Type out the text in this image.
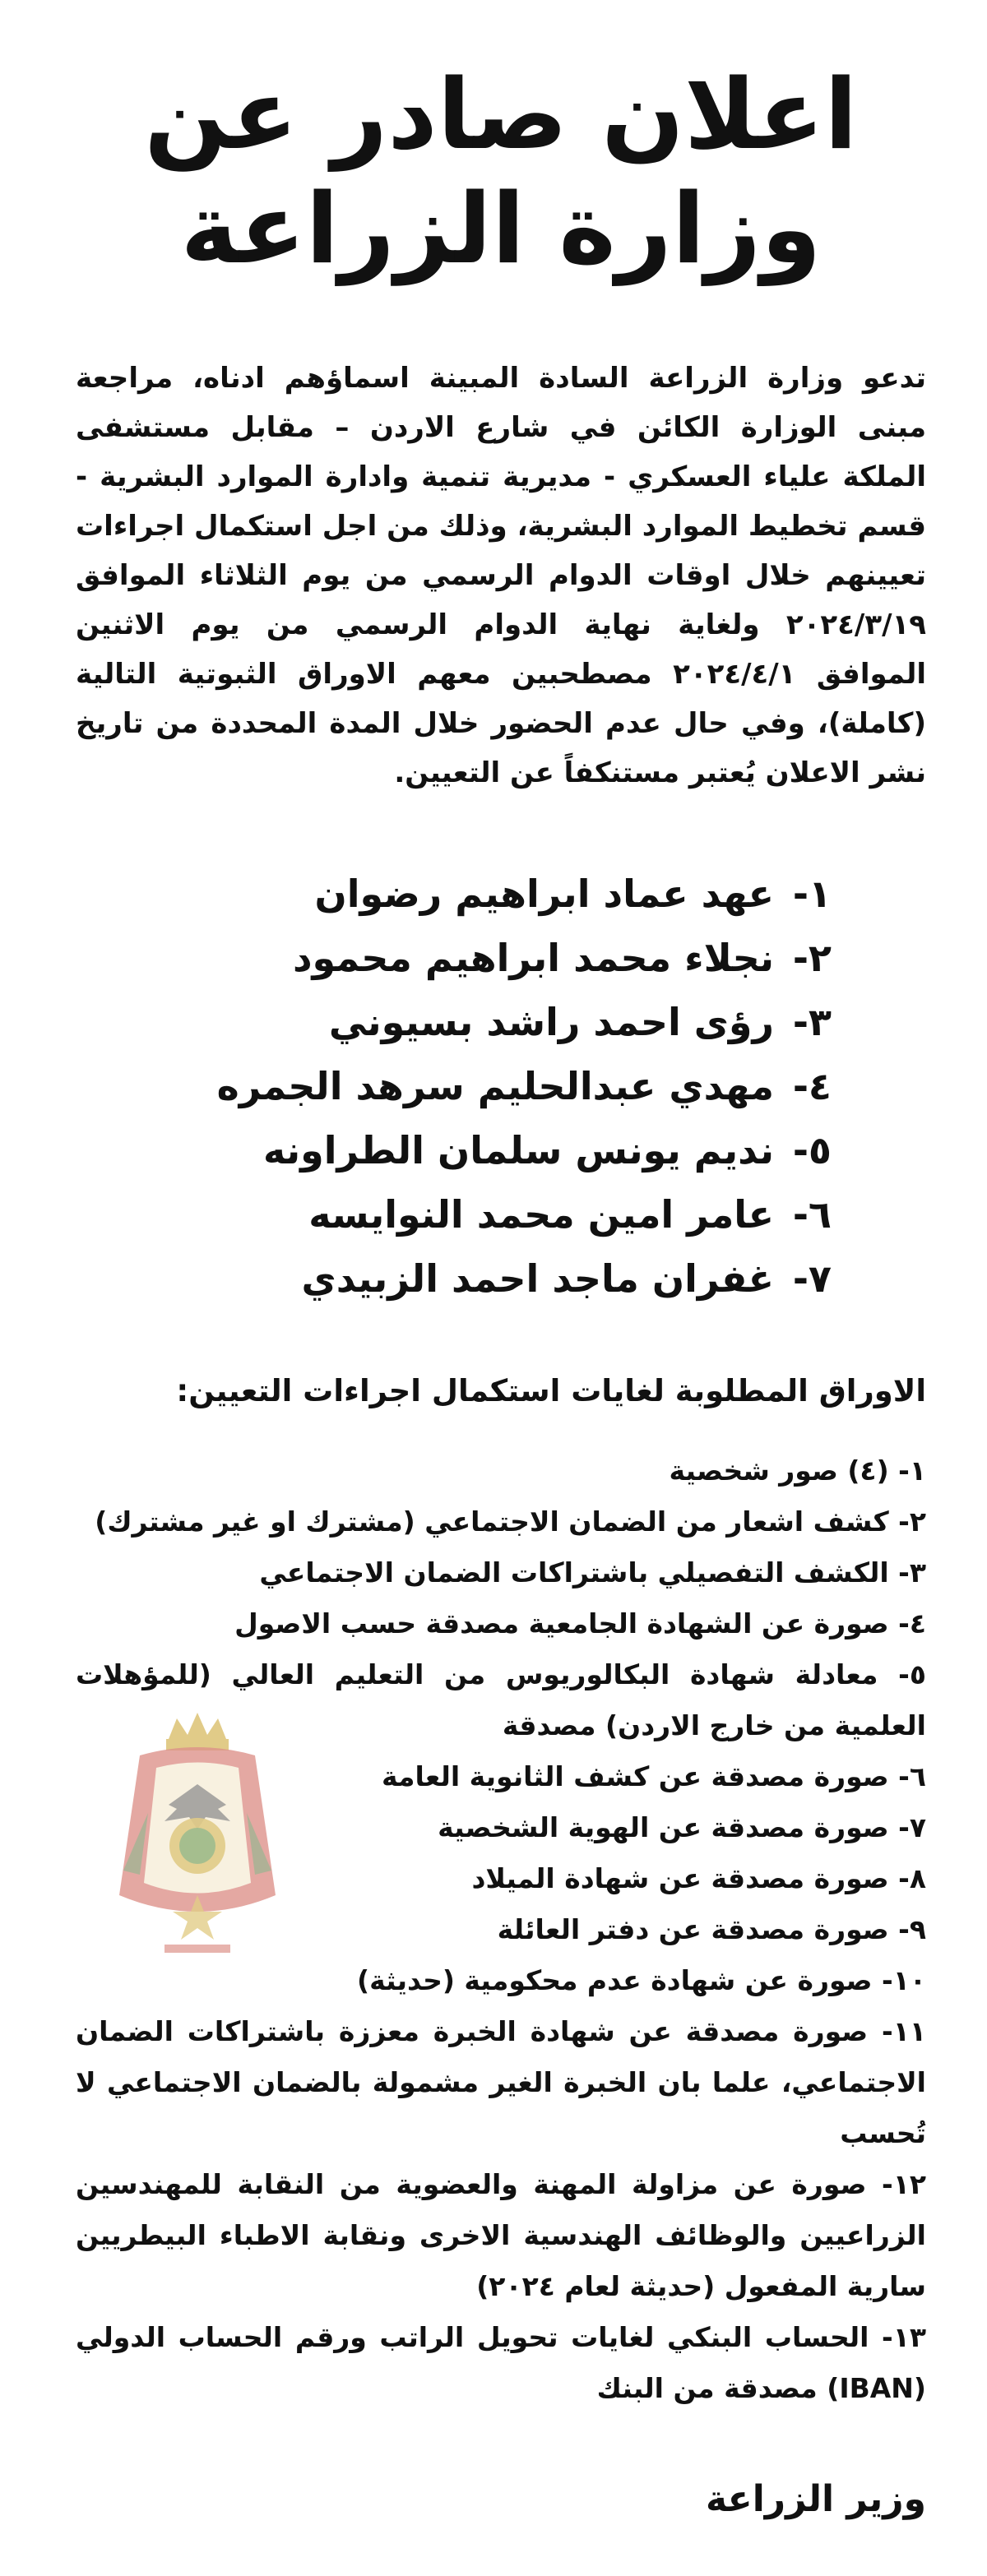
اعلان صادر عن
وزارة الزراعة

تدعو وزارة الزراعة السادة المبينة اسماؤهم ادناه، مراجعة مبنى الوزارة الكائن في شارع الاردن – مقابل مستشفى الملكة علياء العسكري - مديرية تنمية وادارة الموارد البشرية - قسم تخطيط الموارد البشرية، وذلك من اجل استكمال اجراءات تعيينهم خلال اوقات الدوام الرسمي من يوم الثلاثاء الموافق ٢٠٢٤/٣/١٩ ولغاية نهاية الدوام الرسمي من يوم الاثنين الموافق ٢٠٢٤/٤/١ مصطحبين معهم الاوراق الثبوتية التالية (كاملة)، وفي حال عدم الحضور خلال المدة المحددة من تاريخ نشر الاعلان يُعتبر مستنكفاً عن التعيين.

١-عهد عماد ابراهيم رضوان
٢-نجلاء محمد ابراهيم محمود
٣-رؤى احمد راشد بسيوني
٤-مهدي عبدالحليم سرهد الجمره
٥-نديم يونس سلمان الطراونه
٦-عامر امين محمد النوايسه
٧-غفران ماجد احمد الزبيدي
الاوراق المطلوبة لغايات استكمال اجراءات التعيين:
١- (٤) صور شخصية
٢- كشف اشعار من الضمان الاجتماعي (مشترك او غير مشترك)
٣- الكشف التفصيلي باشتراكات الضمان الاجتماعي
٤- صورة عن الشهادة الجامعية مصدقة حسب الاصول
٥- معادلة شهادة البكالوريوس من التعليم العالي (للمؤهلات العلمية من خارج الاردن) مصدقة
٦- صورة مصدقة عن كشف الثانوية العامة
٧- صورة مصدقة عن الهوية الشخصية
٨- صورة مصدقة عن شهادة الميلاد
٩- صورة مصدقة عن دفتر العائلة
١٠- صورة عن شهادة عدم محكومية (حديثة)
١١- صورة مصدقة عن شهادة الخبرة معززة باشتراكات الضمان الاجتماعي، علما بان الخبرة الغير مشمولة بالضمان الاجتماعي لا تُحسب
١٢- صورة عن مزاولة المهنة والعضوية من النقابة للمهندسين الزراعيين والوظائف الهندسية الاخرى ونقابة الاطباء البيطريين سارية المفعول (حديثة لعام ٢٠٢٤)
١٣- الحساب البنكي لغايات تحويل الراتب ورقم الحساب الدولي (IBAN) مصدقة من البنك
وزير الزراعة
